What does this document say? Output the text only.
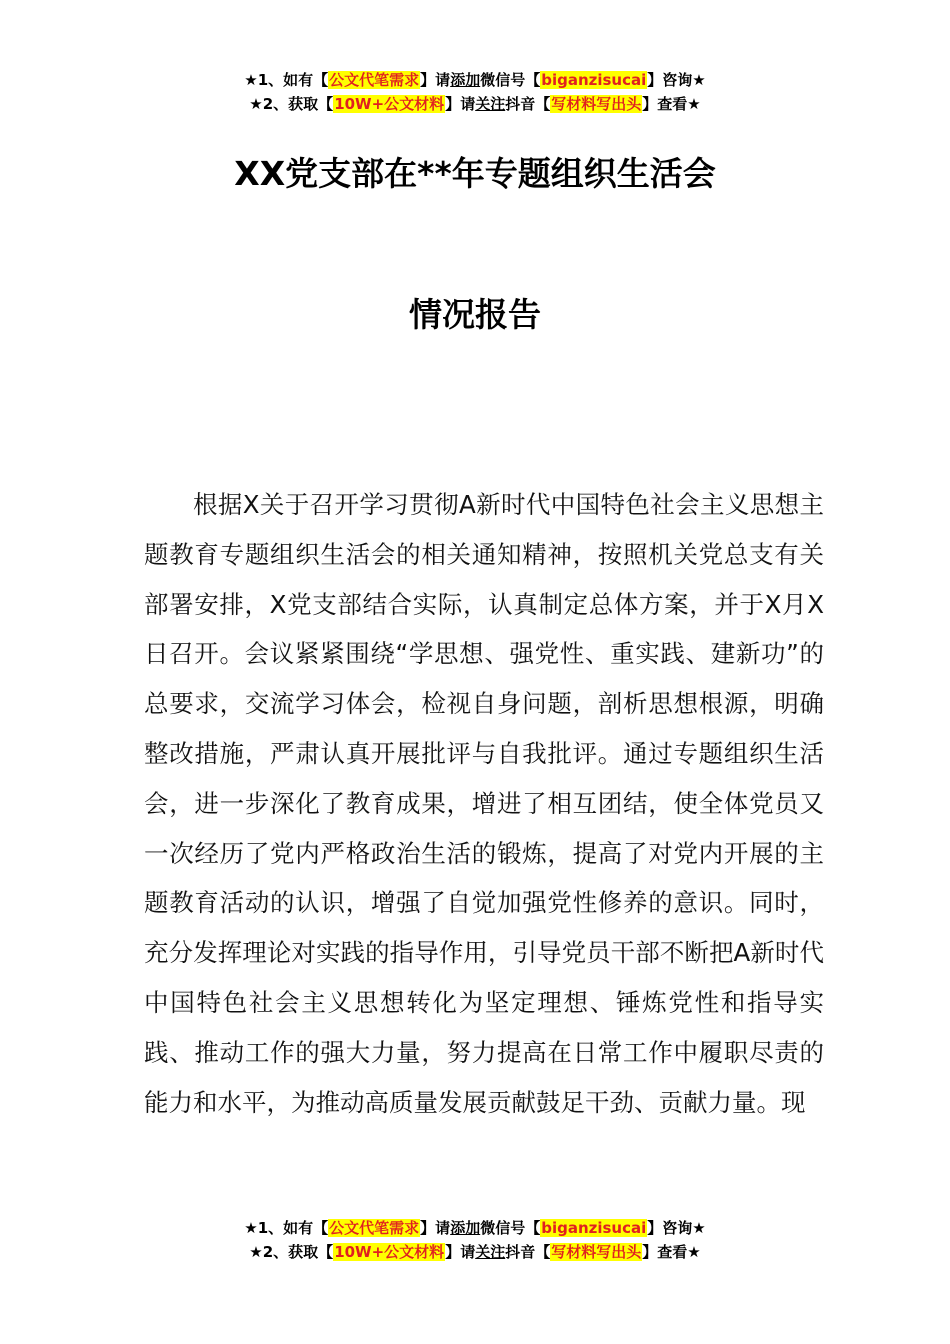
★1、如有【公文代笔需求】请添加微信号【biganzisucai】咨询★
★2、获取【10W+公文材料】请关注抖音【写材料写出头】查看★
XX党支部在**年专题组织生活会
情况报告
根据X关于召开学习贯彻A新时代中国特色社会主义思想主题教育专题组织生活会的相关通知精神，按照机关党总支有关部署安排，X党支部结合实际，认真制定总体方案，并于X月X日召开。会议紧紧围绕“学思想、强党性、重实践、建新功”的总要求，交流学习体会，检视自身问题，剖析思想根源，明确整改措施，严肃认真开展批评与自我批评。通过专题组织生活会，进一步深化了教育成果，增进了相互团结，使全体党员又一次经历了党内严格政治生活的锻炼，提高了对党内开展的主题教育活动的认识，增强了自觉加强党性修养的意识。同时，充分发挥理论对实践的指导作用，引导党员干部不断把A新时代中国特色社会主义思想转化为坚定理想、锤炼党性和指导实践、推动工作的强大力量，努力提高在日常工作中履职尽责的能力和水平，为推动高质量发展贡献鼓足干劲、贡献力量。现
★1、如有【公文代笔需求】请添加微信号【biganzisucai】咨询★
★2、获取【10W+公文材料】请关注抖音【写材料写出头】查看★
